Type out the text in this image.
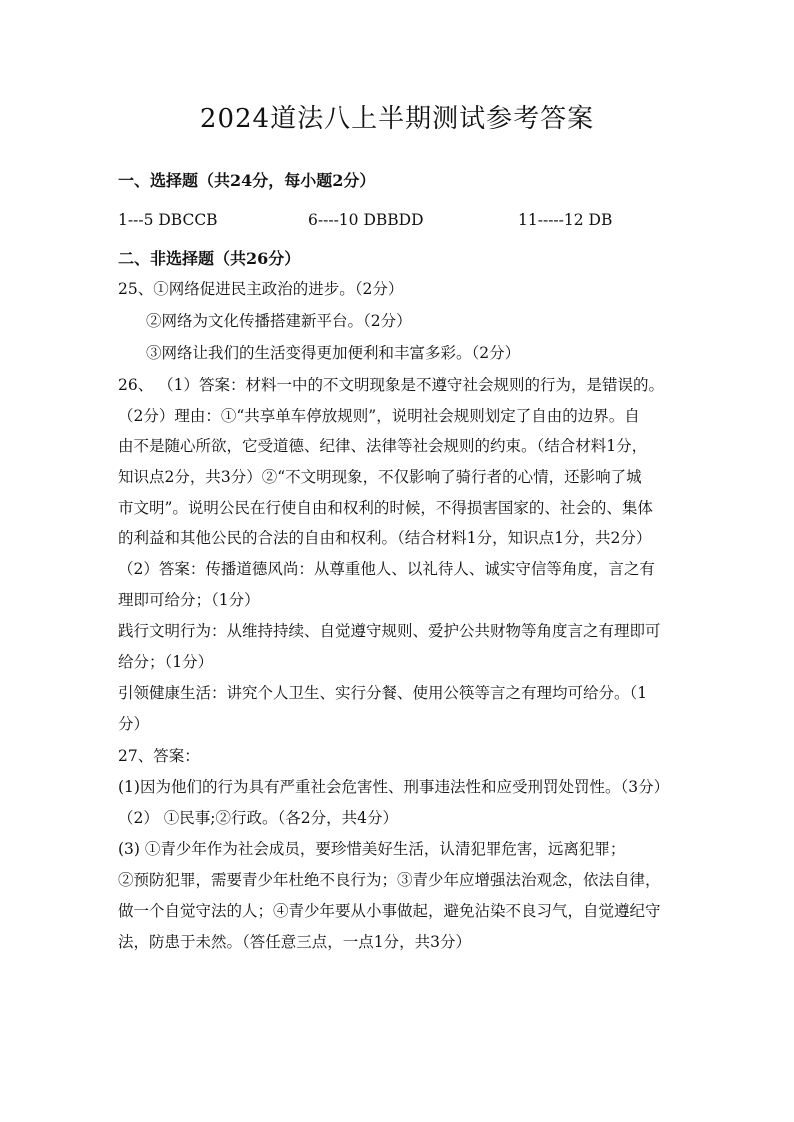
2024道法八上半期测试参考答案
一、选择题（共24分，每小题2分）
1---5 DBCCB	6----10 DBBDD	11-----12 DB
二、非选择题（共26分）
25、①网络促进民主政治的进步。（2分）
②网络为文化传播搭建新平台。（2分）
③网络让我们的生活变得更加便利和丰富多彩。（2分）
26、 （1）答案：材料一中的不文明现象是不遵守社会规则的行为，是错误的。
（2分）理由：①“共享单车停放规则”，说明社会规则划定了自由的边界。自
由不是随心所欲，它受道德、纪律、法律等社会规则的约束。（结合材料1分，
知识点2分，共3分）②“不文明现象，不仅影响了骑行者的心情，还影响了城
市文明”。说明公民在行使自由和权利的时候，不得损害国家的、社会的、集体
的利益和其他公民的合法的自由和权利。（结合材料1分，知识点1分，共2分）
（2）答案：传播道德风尚：从尊重他人、以礼待人、诚实守信等角度，言之有
理即可给分；（1分）
践行文明行为：从维持持续、自觉遵守规则、爱护公共财物等角度言之有理即可
给分；（1分）
引领健康生活：讲究个人卫生、实行分餐、使用公筷等言之有理均可给分。（1
分）
27、答案：
(1)因为他们的行为具有严重社会危害性、刑事违法性和应受刑罚处罚性。（3分）
（2） ①民事;②行政。（各2分，共4分）
(3) ①青少年作为社会成员，要珍惜美好生活，认清犯罪危害，远离犯罪；
②预防犯罪，需要青少年杜绝不良行为；③青少年应增强法治观念，依法自律，
做一个自觉守法的人；④青少年要从小事做起，避免沾染不良习气，自觉遵纪守
法，防患于未然。（答任意三点，一点1分，共3分）
